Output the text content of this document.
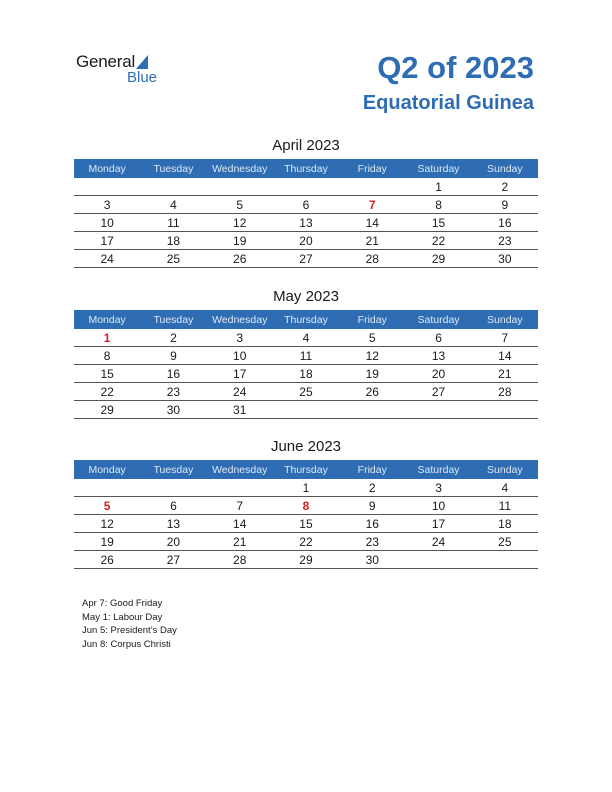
General
Blue	Q2 of 2023
Equatorial Guinea
April 2023
Monday	Tuesday	Wednesday	Thursday	Friday	Saturday	Sunday
					1	2
3	4	5	6	7	8	9
10	11	12	13	14	15	16
17	18	19	20	21	22	23
24	25	26	27	28	29	30
May 2023
Monday	Tuesday	Wednesday	Thursday	Friday	Saturday	Sunday
1	2	3	4	5	6	7
8	9	10	11	12	13	14
15	16	17	18	19	20	21
22	23	24	25	26	27	28
29	30	31				
June 2023
Monday	Tuesday	Wednesday	Thursday	Friday	Saturday	Sunday
			1	2	3	4
5	6	7	8	9	10	11
12	13	14	15	16	17	18
19	20	21	22	23	24	25
26	27	28	29	30		
Apr 7: Good Friday
May 1: Labour Day
Jun 5: President’s Day
Jun 8: Corpus Christi
